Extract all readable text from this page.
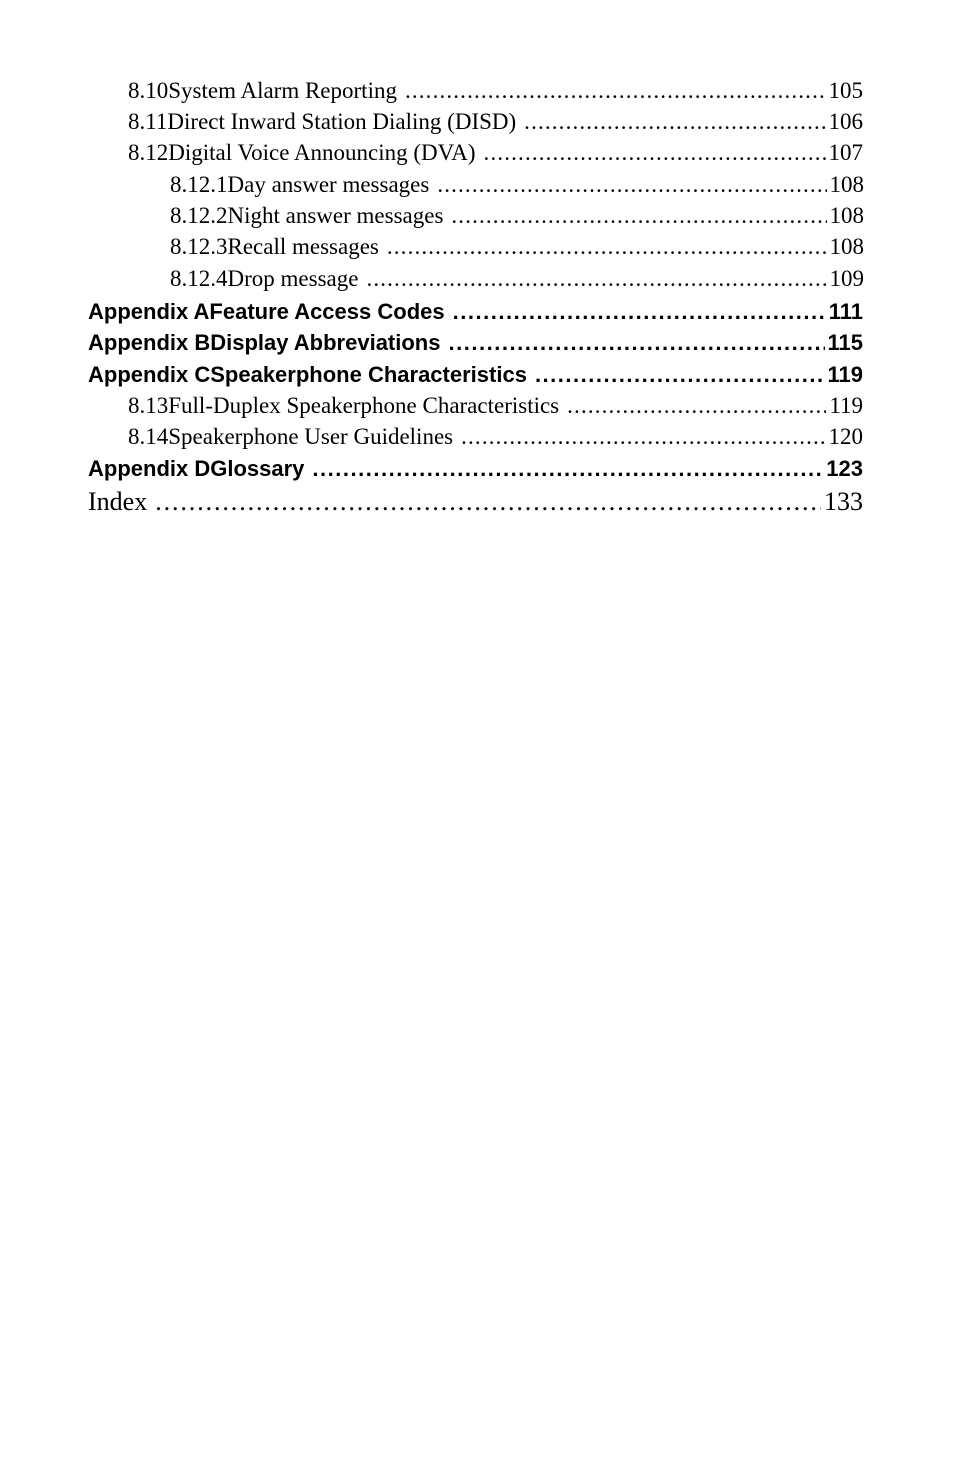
8.10 System Alarm Reporting . . .	105
8.11 Direct Inward Station Dialing (DISD) . . .	106
8.12 Digital Voice Announcing (DVA) . . .	107
8.12.1 Day answer messages . . .	108
8.12.2 Night answer messages . . .	108
8.12.3 Recall messages . . .	108
8.12.4 Drop message . . .	109
Appendix A Feature Access Codes . . .	111
Appendix B Display Abbreviations . . .	115
Appendix C Speakerphone Characteristics . . .	119
8.13 Full-Duplex Speakerphone Characteristics . . .	119
8.14 Speakerphone User Guidelines . . .	120
Appendix D Glossary . . .	123
Index . . .	133
